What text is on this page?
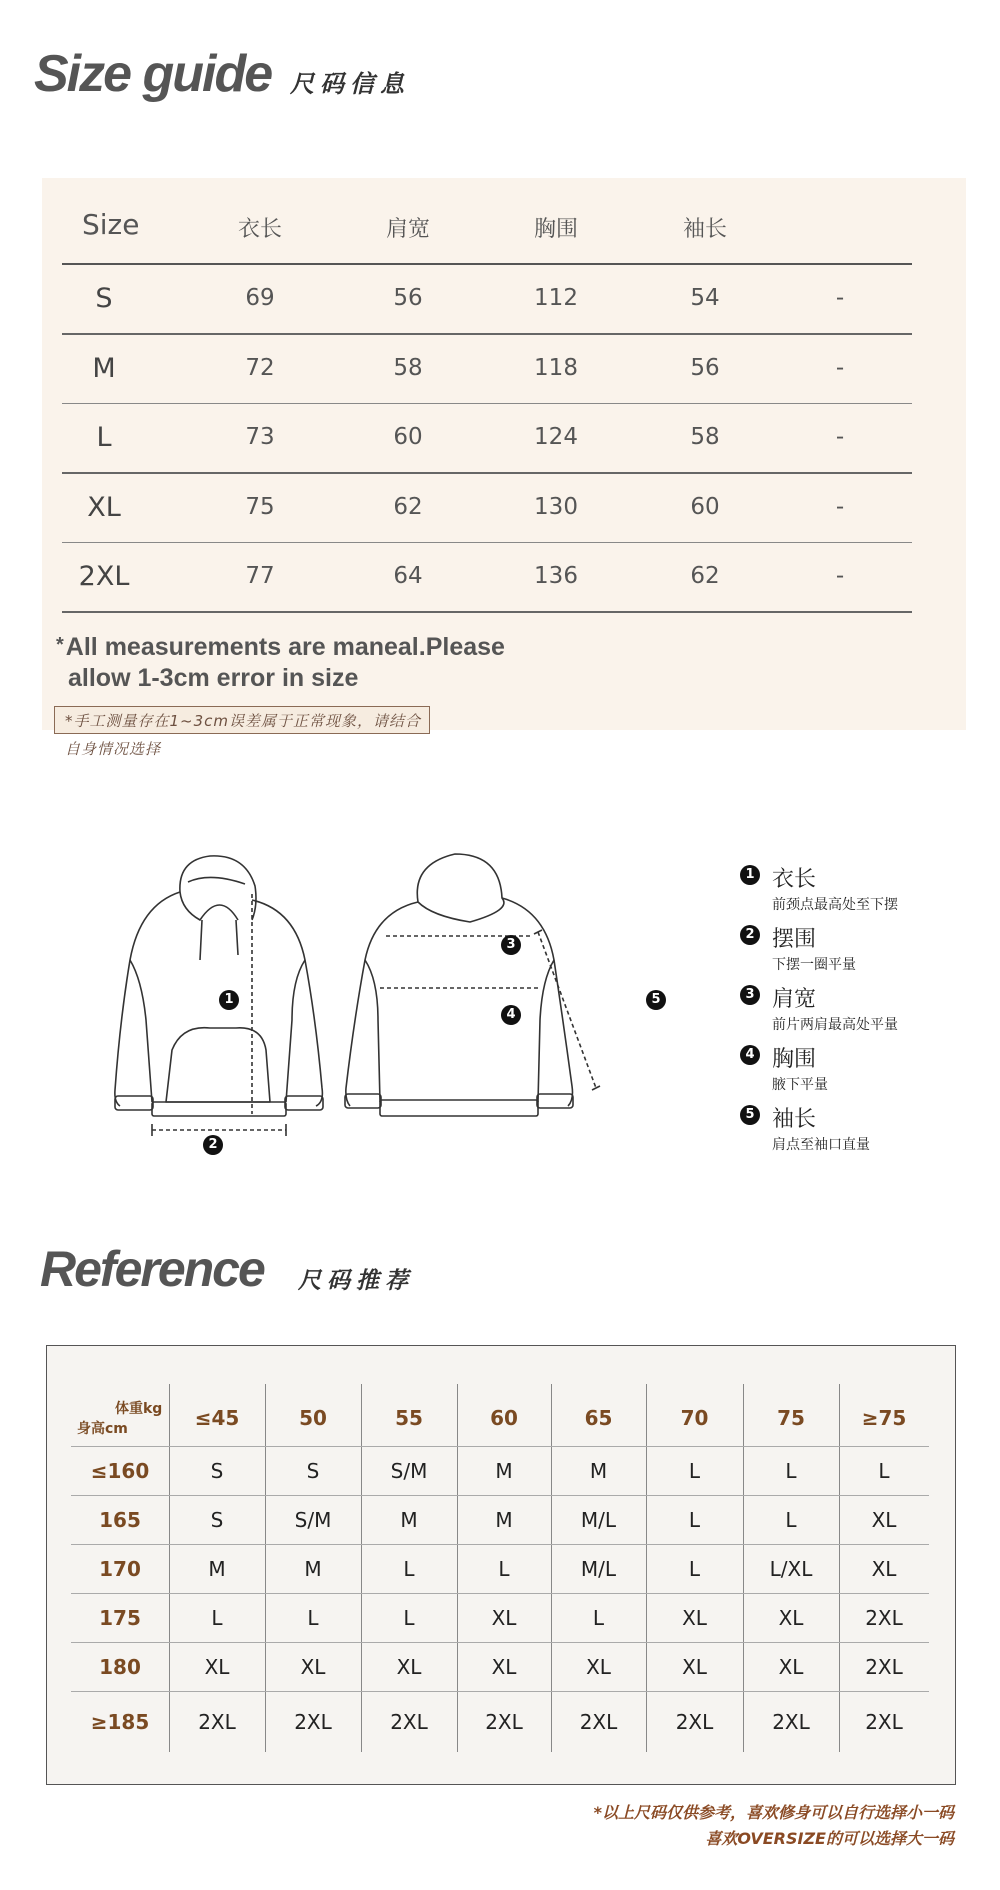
Size guide 尺码信息
Size	衣长	肩宽	胸围	袖长
S	69	56	112	54	-
M	72	58	118	56	-
L	73	60	124	58	-
XL	75	62	130	60	-
2XL	77	64	136	62	-
*All measurements are maneal.Please
allow 1-3cm error in size
*手工测量存在1~3cm误差属于正常现象，请结合自身情况选择
1
2
3
4
5
1 衣长
前颈点最高处至下摆
2 摆围
下摆一圈平量
3 肩宽
前片两肩最高处平量
4 胸围
腋下平量
5 袖长
肩点至袖口直量
Reference 尺码推荐
体重kg
身高cm	≤45	50	55	60	65	70	75	≥75
≤160	S	S	S/M	M	M	L	L	L
165	S	S/M	M	M	M/L	L	L	XL
170	M	M	L	L	M/L	L	L/XL	XL
175	L	L	L	XL	L	XL	XL	2XL
180	XL	XL	XL	XL	XL	XL	XL	2XL
≥185 2XL	2XL	2XL	2XL	2XL	2XL	2XL	2XL
*以上尺码仅供参考，喜欢修身可以自行选择小一码
喜欢OVERSIZE的可以选择大一码
